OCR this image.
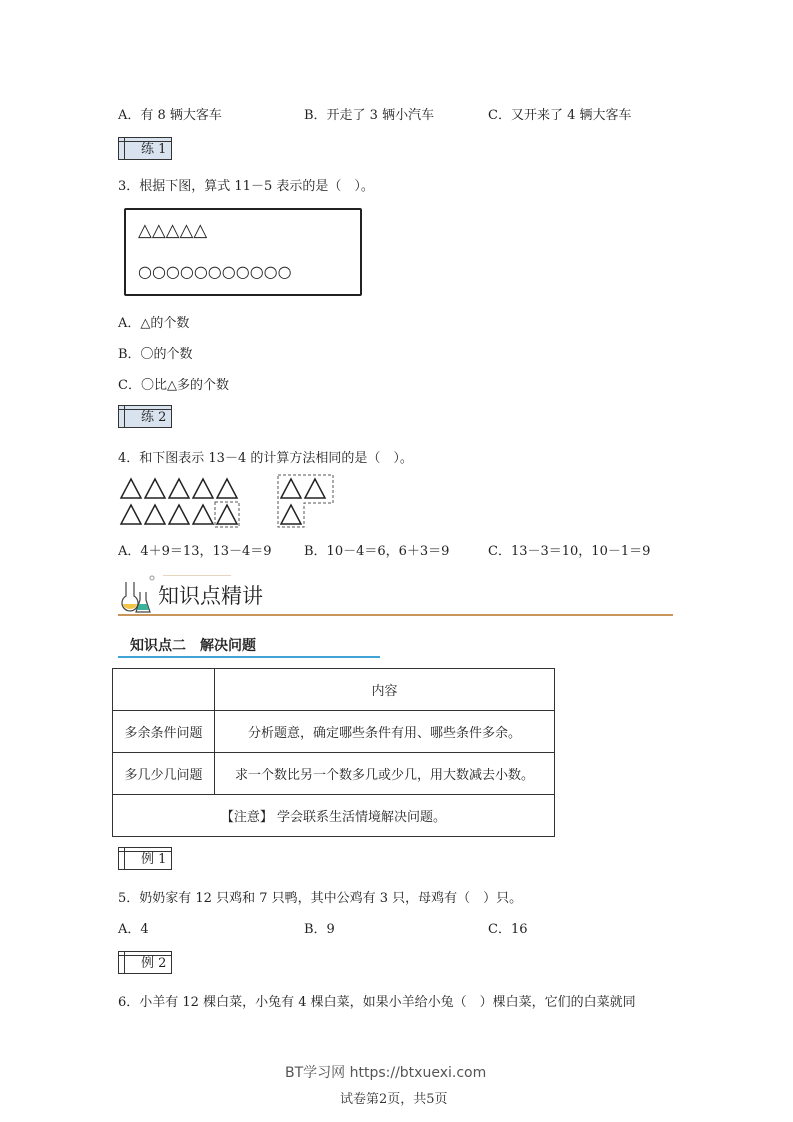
A．有 8 辆大客车	B．开走了 3 辆小汽车	C．又开来了 4 辆大客车
练 1
3．根据下图，算式 11－5 表示的是（　）。
△△△△△
○○○○○○○○○○○
A．△的个数
B．〇的个数
C．〇比△多的个数
练 2
4．和下图表示 13－4 的计算方法相同的是（　）。
A．4＋9＝13，13－4＝9 B．10－4＝6，6＋3＝9	C．13－3＝10，10－1＝9
知识点精讲
知识点二　解决问题
	内容
多余条件问题	分析题意，确定哪些条件有用、哪些条件多余。
多几少几问题	求一个数比另一个数多几或少几，用大数减去小数。
【注意】 学会联系生活情境解决问题。	
例 1
5．奶奶家有 12 只鸡和 7 只鸭，其中公鸡有 3 只，母鸡有（　）只。
A．4	B．9	C．16
例 2
6．小羊有 12 棵白菜，小兔有 4 棵白菜，如果小羊给小兔（　）棵白菜，它们的白菜就同
BT学习网 https://btxuexi.com
试卷第2页，共5页
